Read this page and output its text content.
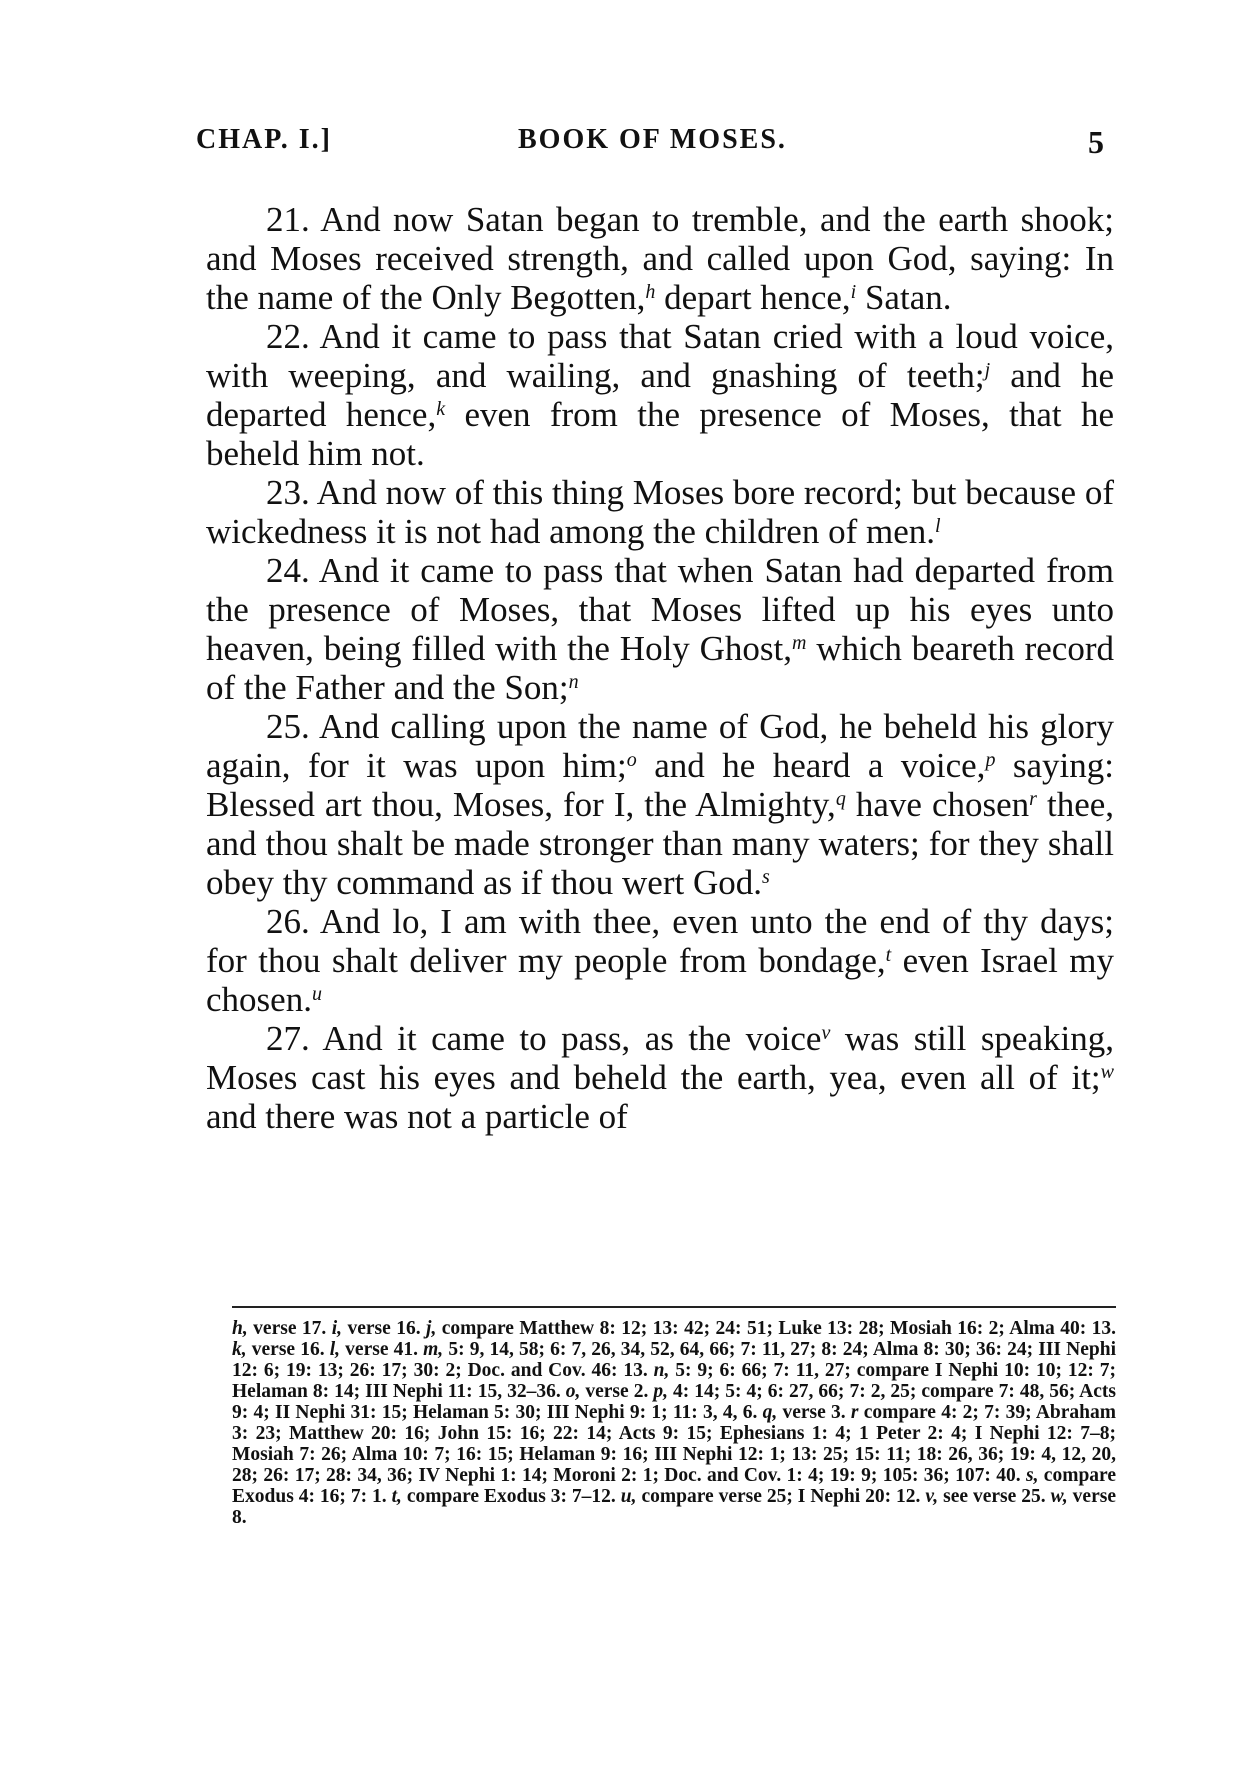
CHAP. I.]	BOOK OF MOSES.	5

21. And now Satan began to tremble, and the earth shook; and Moses received strength, and called upon God, saying: In the name of the Only Begotten,$^h$ depart hence,$^i$ Satan.

22. And it came to pass that Satan cried with a loud voice, with weeping, and wailing, and gnashing of teeth;$^j$ and he departed hence,$^k$ even from the presence of Moses, that he beheld him not.

23. And now of this thing Moses bore record; but because of wickedness it is not had among the children of men.$^l$

24. And it came to pass that when Satan had departed from the presence of Moses, that Moses lifted up his eyes unto heaven, being filled with the Holy Ghost,$^m$ which beareth record of the Father and the Son;$^n$

25. And calling upon the name of God, he beheld his glory again, for it was upon him;$^o$ and he heard a voice,$^p$ saying: Blessed art thou, Moses, for I, the Almighty,$^q$ have chosen$^r$ thee, and thou shalt be made stronger than many waters; for they shall obey thy command as if thou wert God.$^s$

26. And lo, I am with thee, even unto the end of thy days; for thou shalt deliver my people from bondage,$^t$ even Israel my chosen.$^u$

27. And it came to pass, as the voice$^v$ was still speaking, Moses cast his eyes and beheld the earth, yea, even all of it;$^w$ and there was not a particle of

h, verse 17. i, verse 16. j, compare Matthew 8: 12; 13: 42; 24: 51; Luke 13: 28; Mosiah 16: 2; Alma 40: 13. k, verse 16. l, verse 41. m, 5: 9, 14, 58; 6: 7, 26, 34, 52, 64, 66; 7: 11, 27; 8: 24; Alma 8: 30; 36: 24; III Nephi 12: 6; 19: 13; 26: 17; 30: 2; Doc. and Cov. 46: 13. n, 5: 9; 6: 66; 7: 11, 27; compare I Nephi 10: 10; 12: 7; Helaman 8: 14; III Nephi 11: 15, 32–36. o, verse 2. p, 4: 14; 5: 4; 6: 27, 66; 7: 2, 25; compare 7: 48, 56; Acts 9: 4; II Nephi 31: 15; Helaman 5: 30; III Nephi 9: 1; 11: 3, 4, 6. q, verse 3. r compare 4: 2; 7: 39; Abraham 3: 23; Matthew 20: 16; John 15: 16; 22: 14; Acts 9: 15; Ephesians 1: 4; 1 Peter 2: 4; I Nephi 12: 7–8; Mosiah 7: 26; Alma 10: 7; 16: 15; Helaman 9: 16; III Nephi 12: 1; 13: 25; 15: 11; 18: 26, 36; 19: 4, 12, 20, 28; 26: 17; 28: 34, 36; IV Nephi 1: 14; Moroni 2: 1; Doc. and Cov. 1: 4; 19: 9; 105: 36; 107: 40. s, compare Exodus 4: 16; 7: 1. t, compare Exodus 3: 7–12. u, compare verse 25; I Nephi 20: 12. v, see verse 25. w, verse 8.
